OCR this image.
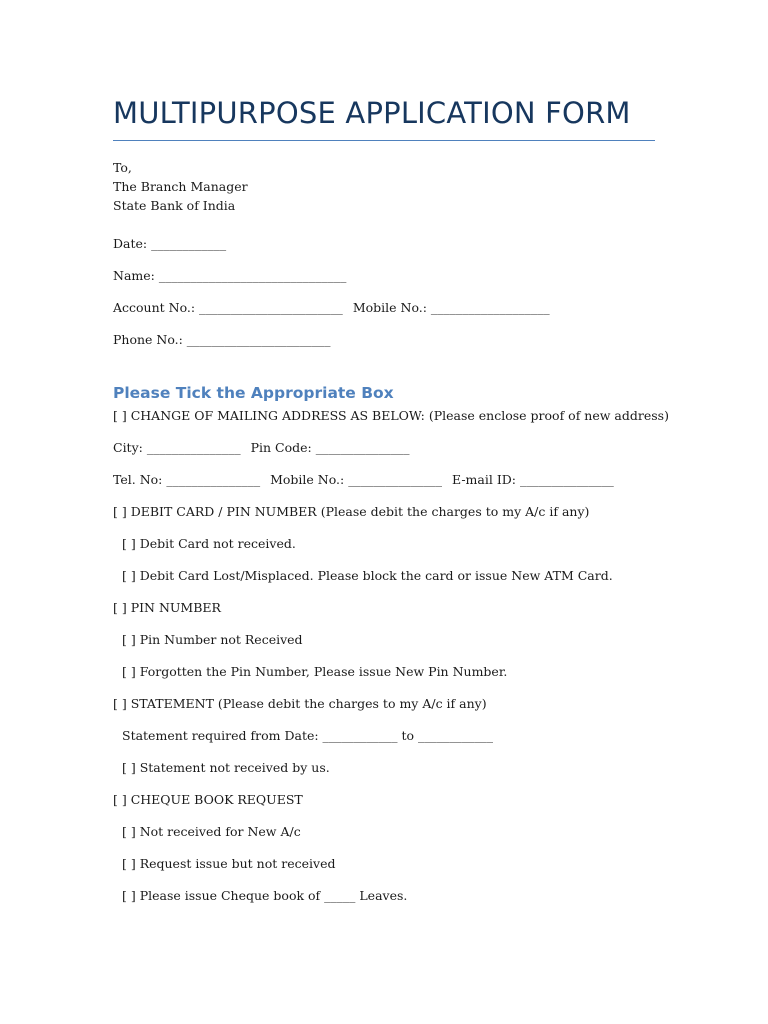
MULTIPURPOSE APPLICATION FORM
To,
The Branch Manager
State Bank of India
Date: ____________
Name: ______________________________
Account No.: _______________________ Mobile No.: ___________________
Phone No.: _______________________
Please Tick the Appropriate Box
[ ] CHANGE OF MAILING ADDRESS AS BELOW: (Please enclose proof of new address)
City: _______________ Pin Code: _______________
Tel. No: _______________ Mobile No.: _______________ E-mail ID: _______________
[ ] DEBIT CARD / PIN NUMBER (Please debit the charges to my A/c if any)
[ ] Debit Card not received.
[ ] Debit Card Lost/Misplaced. Please block the card or issue New ATM Card.
[ ] PIN NUMBER
[ ] Pin Number not Received
[ ] Forgotten the Pin Number, Please issue New Pin Number.
[ ] STATEMENT (Please debit the charges to my A/c if any)
Statement required from Date: ____________ to ____________
[ ] Statement not received by us.
[ ] CHEQUE BOOK REQUEST
[ ] Not received for New A/c
[ ] Request issue but not received
[ ] Please issue Cheque book of _____ Leaves.
